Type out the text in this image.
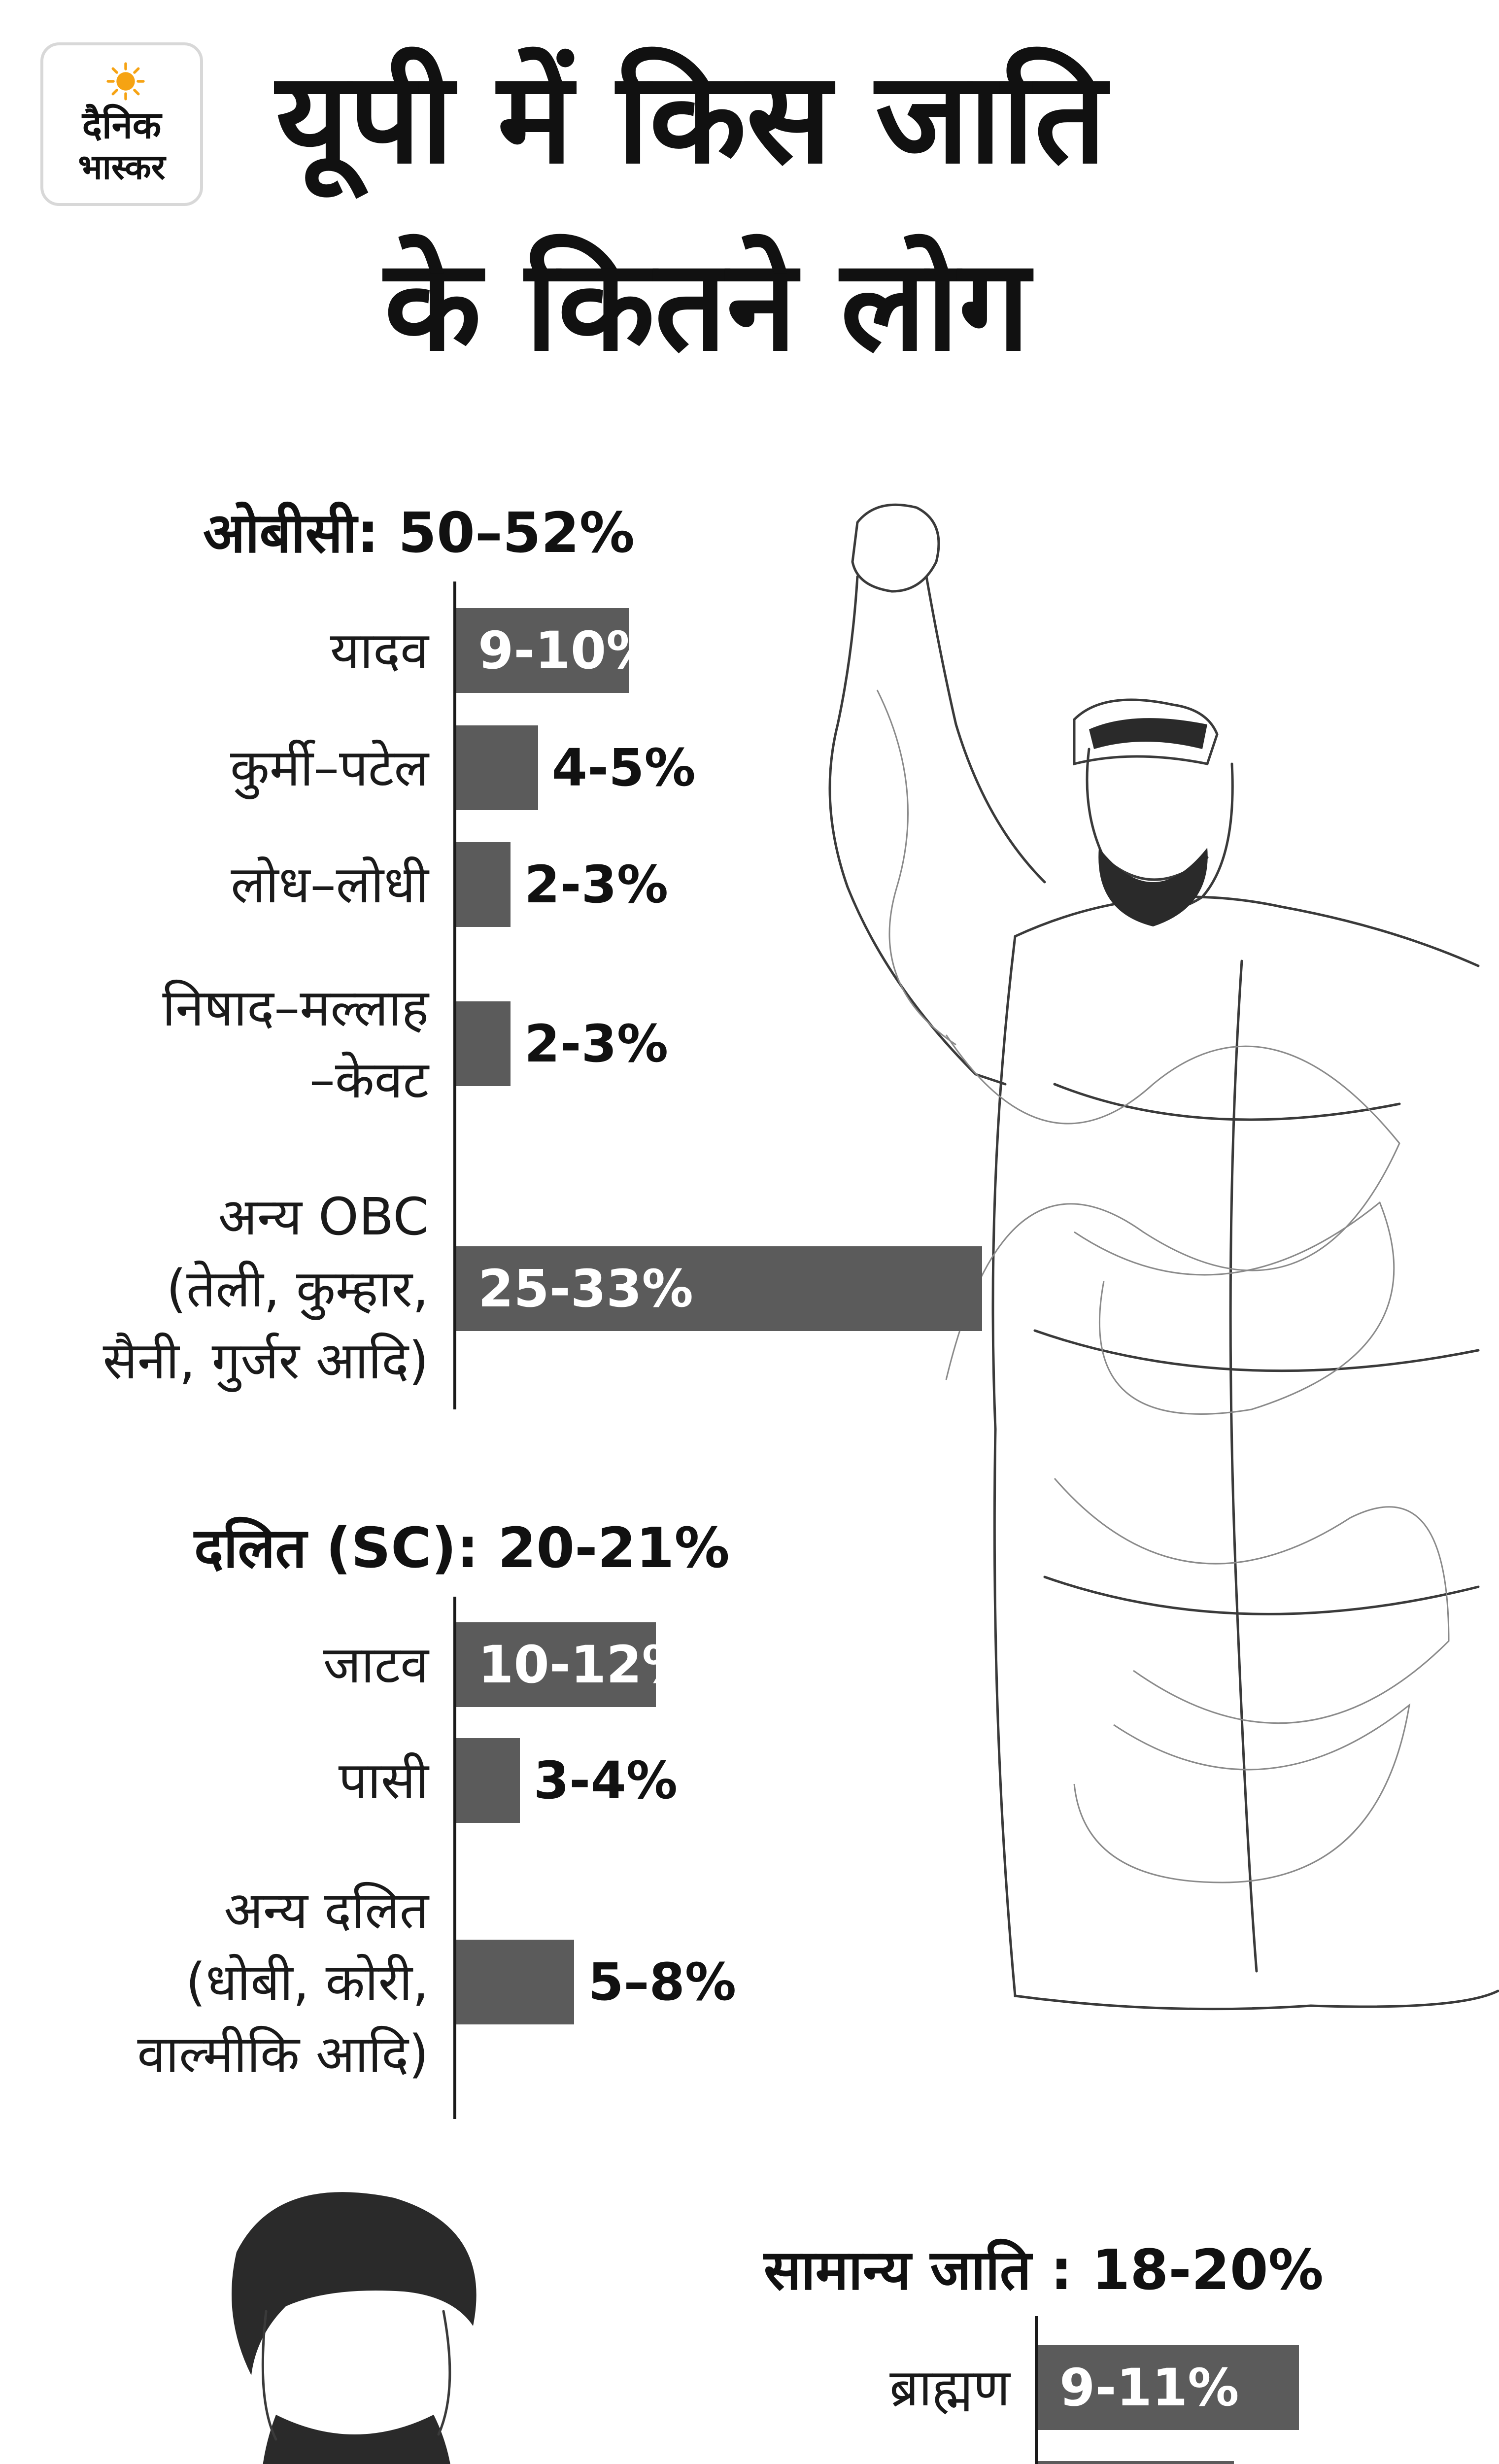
दैनिक
भास्कर यूपी में किस जाति
के कितने लोग
ओबीसी: 50–52%
दलित (SC): 20-21%
सामान्य जाति : 18-20%
यादव 9-10%
कुर्मी–पटेल 4-5%
लोध–लोधी 2-3%
निषाद–मल्लाह
–केवट
2-3%
अन्य OBC
(तेली, कुम्हार,
सैनी, गुर्जर आदि)
25-33%
जाटव 10-12%
पासी 3-4%
अन्य दलित
(धोबी, कोरी,
वाल्मीकि आदि)
5–8%
ब्राह्मण 9-11%
